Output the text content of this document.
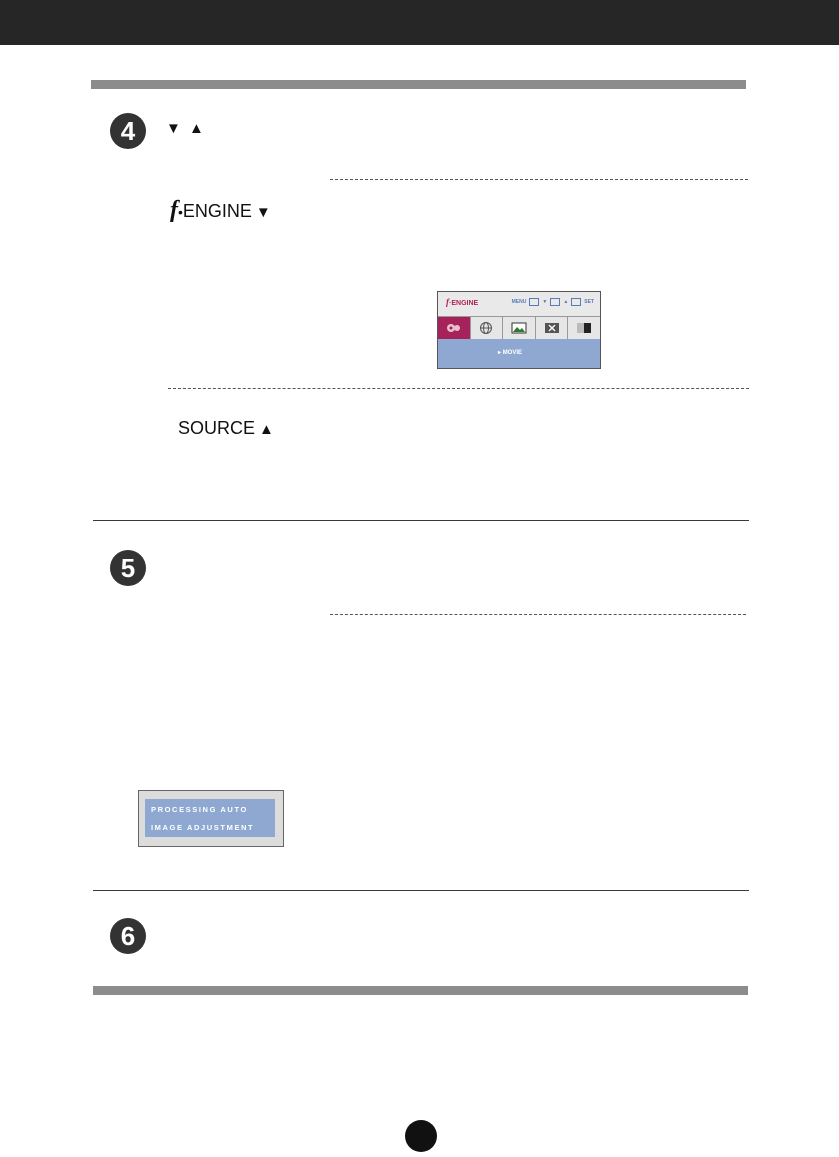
4	▼ ▲
f•ENGINE ▼
f·ENGINE	MENU	▼	▲	SET
▸ MOVIE
SOURCE ▲
5
PROCESSING AUTO
IMAGE ADJUSTMENT
6
